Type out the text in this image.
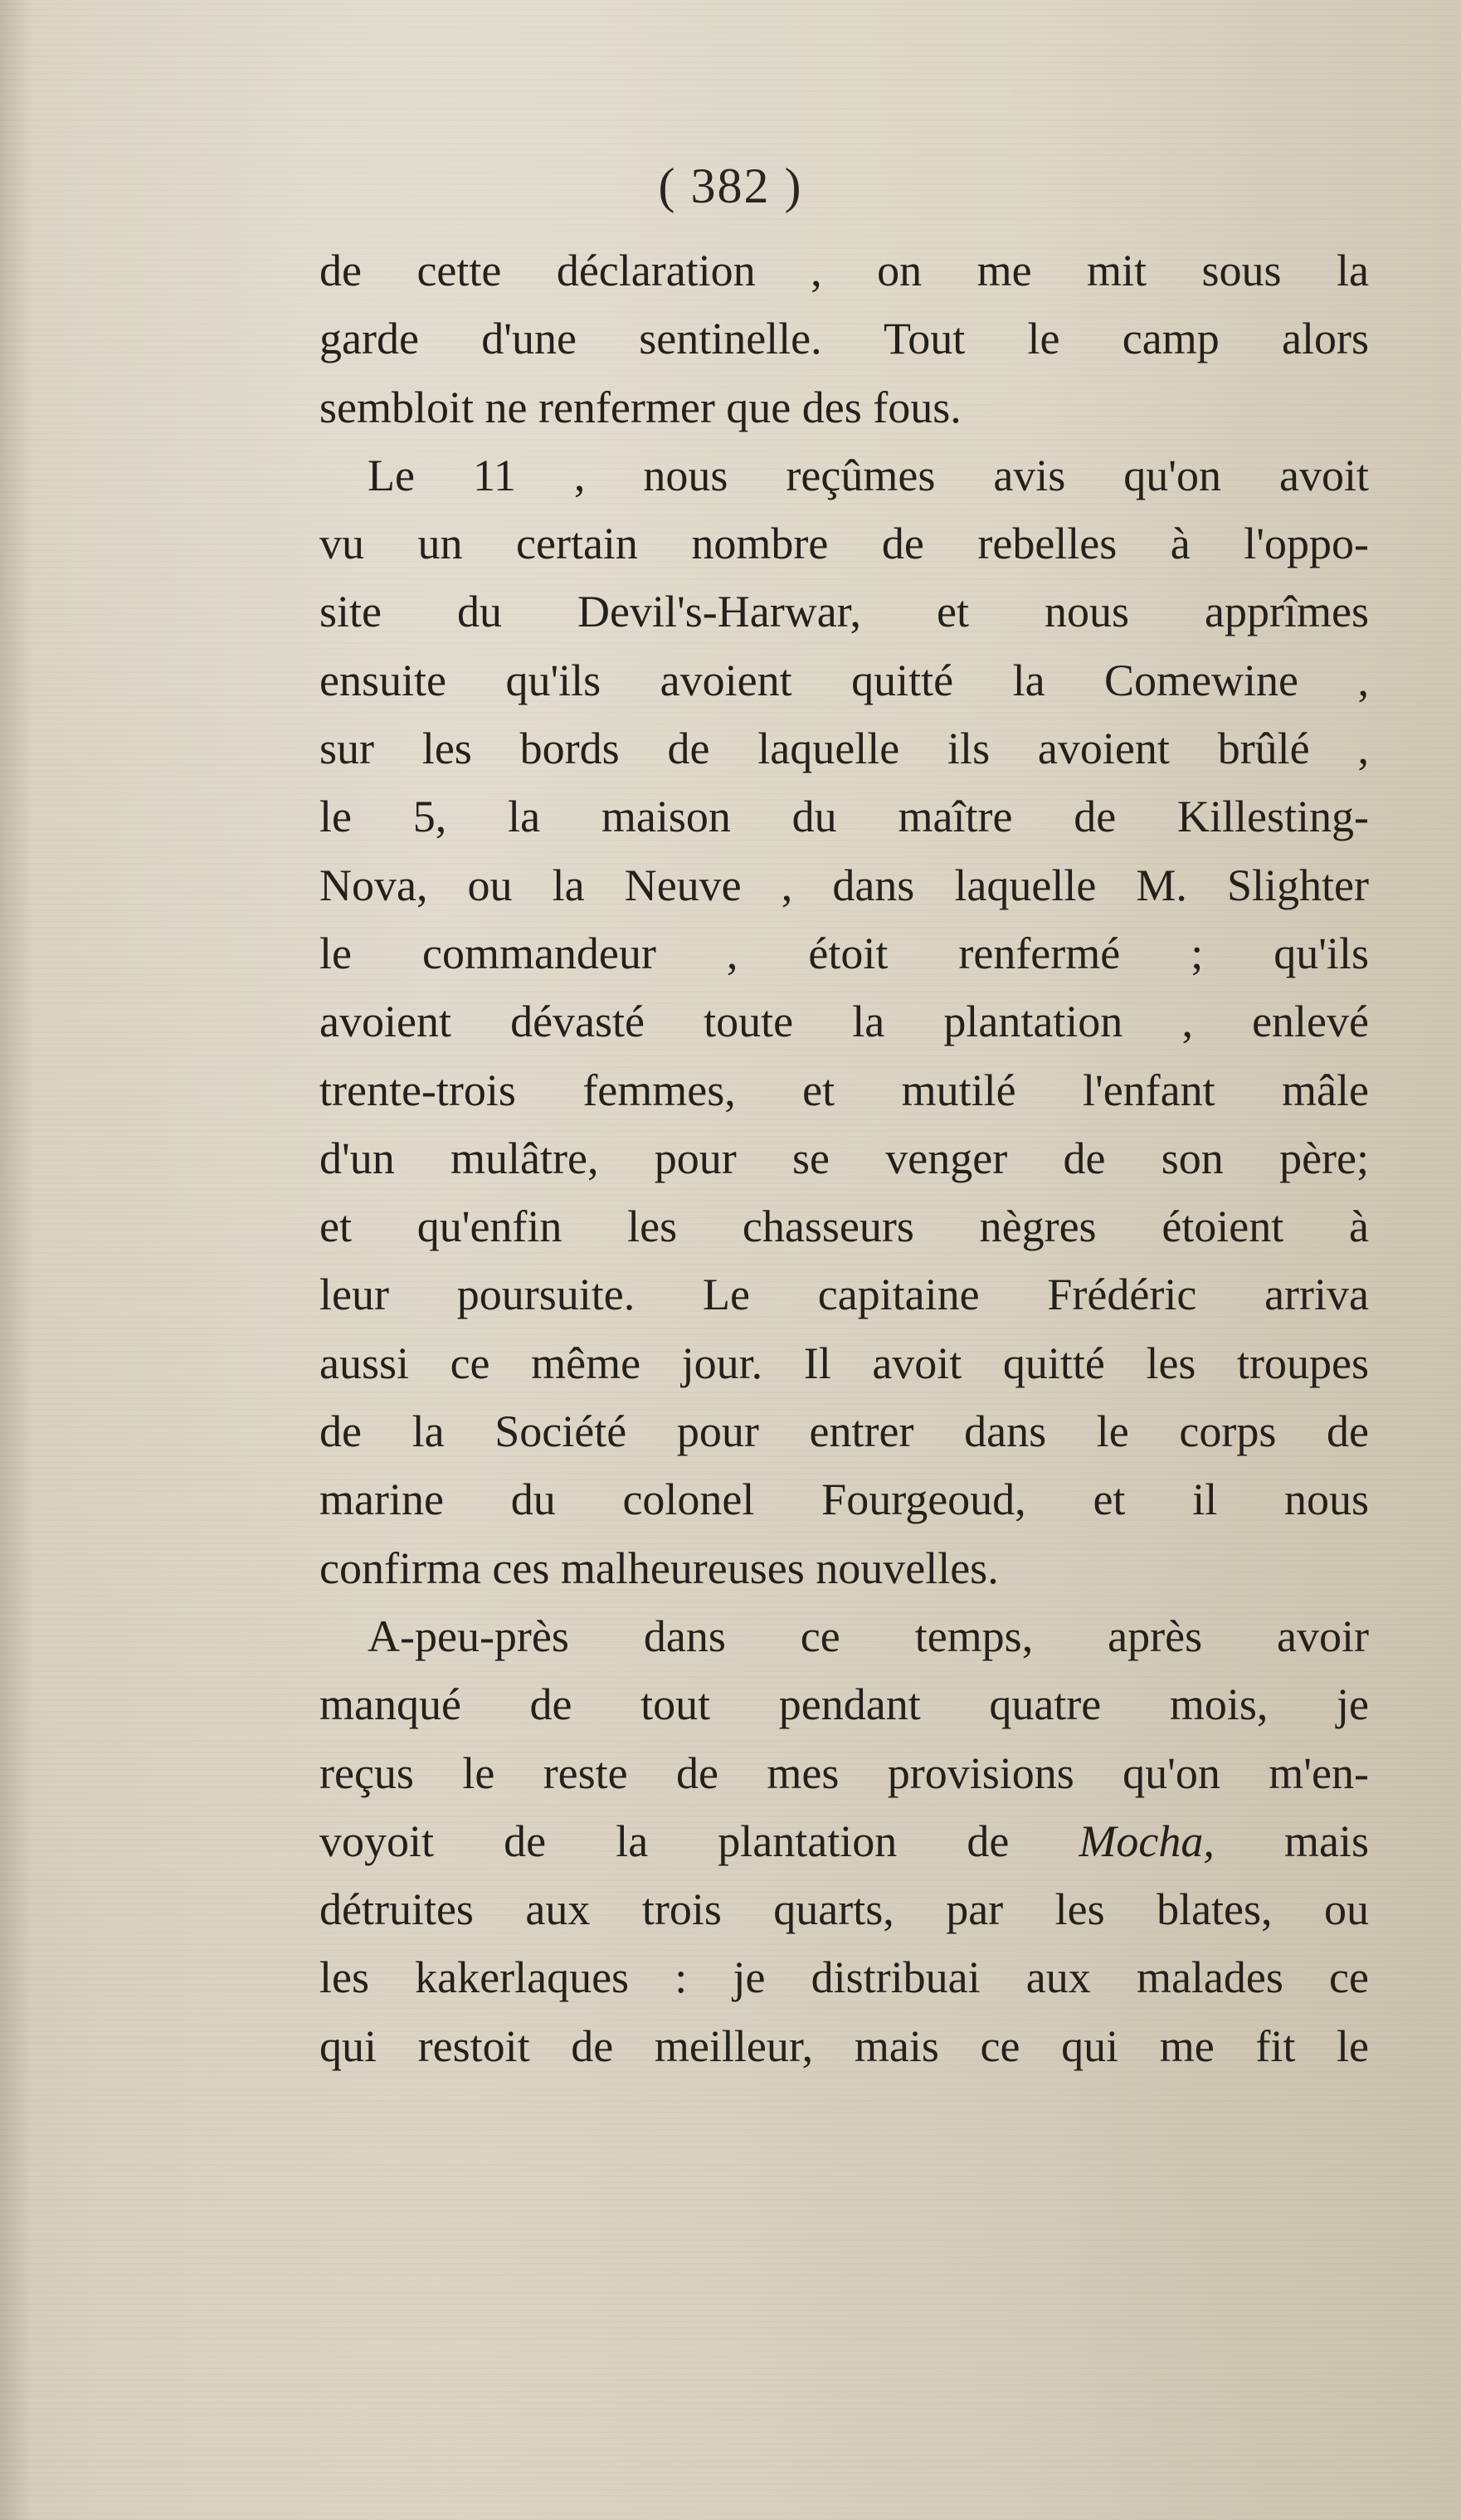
( 382 )
de cette déclaration , on me mit sous la
garde d'une sentinelle. Tout le camp alors
sembloit ne renfermer que des fous.
Le 11 , nous reçûmes avis qu'on avoit
vu un certain nombre de rebelles à l'oppo-
site du Devil's-Harwar, et nous apprîmes
ensuite qu'ils avoient quitté la Comewine ,
sur les bords de laquelle ils avoient brûlé ,
le 5, la maison du maître de Killesting-
Nova, ou la Neuve , dans laquelle M. Slighter
le commandeur , étoit renfermé ; qu'ils
avoient dévasté toute la plantation , enlevé
trente-trois femmes, et mutilé l'enfant mâle
d'un mulâtre, pour se venger de son père;
et qu'enfin les chasseurs nègres étoient à
leur poursuite. Le capitaine Frédéric arriva
aussi ce même jour. Il avoit quitté les troupes
de la Société pour entrer dans le corps de
marine du colonel Fourgeoud, et il nous
confirma ces malheureuses nouvelles.
A-peu-près dans ce temps, après avoir
manqué de tout pendant quatre mois, je
reçus le reste de mes provisions qu'on m'en-
voyoit de la plantation de Mocha, mais
détruites aux trois quarts, par les blates, ou
les kakerlaques : je distribuai aux malades ce
qui restoit de meilleur, mais ce qui me fit le
